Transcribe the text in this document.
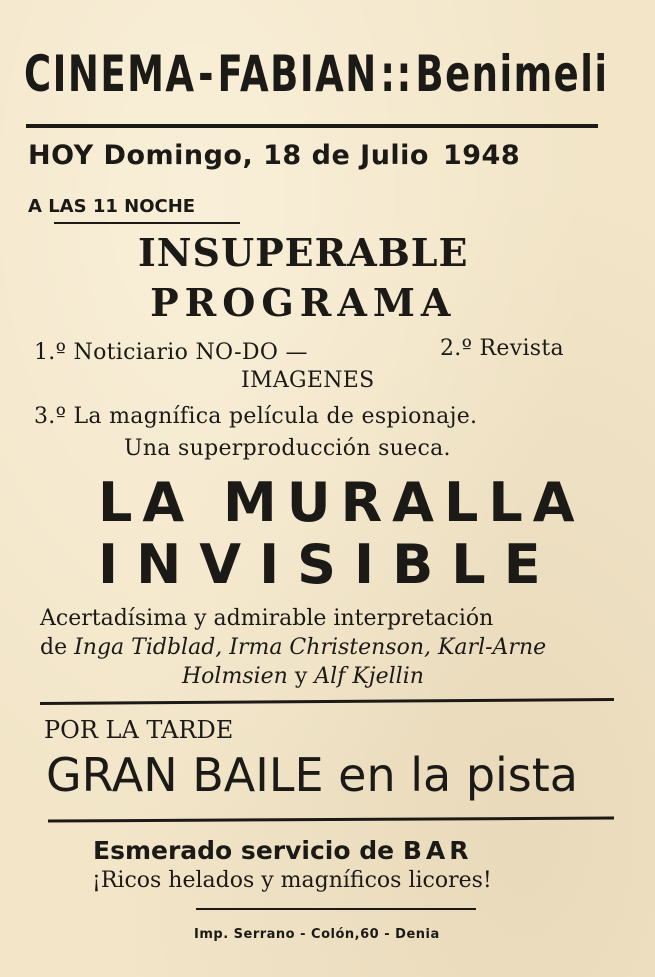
CINEMA - FABIAN :: Benimeli
HOY Domingo, 18 de Julio 1948
A LAS 11 NOCHE
INSUPERABLE
PROGRAMA
1.º Noticiario NO-DO —	2.º Revista
IMAGENES
3.º La magnífica película de espionaje.
Una superproducción sueca.
LA MURALLA
INVISIBLE
Acertadísima y admirable interpretación
de Inga Tidblad, Irma Christenson, Karl-Arne
Holmsien y Alf Kjellin
POR LA TARDE
GRAN BAILE en la pista
Esmerado servicio de BAR
¡Ricos helados y magníficos licores!
Imp. Serrano - Colón,60 - Denia
